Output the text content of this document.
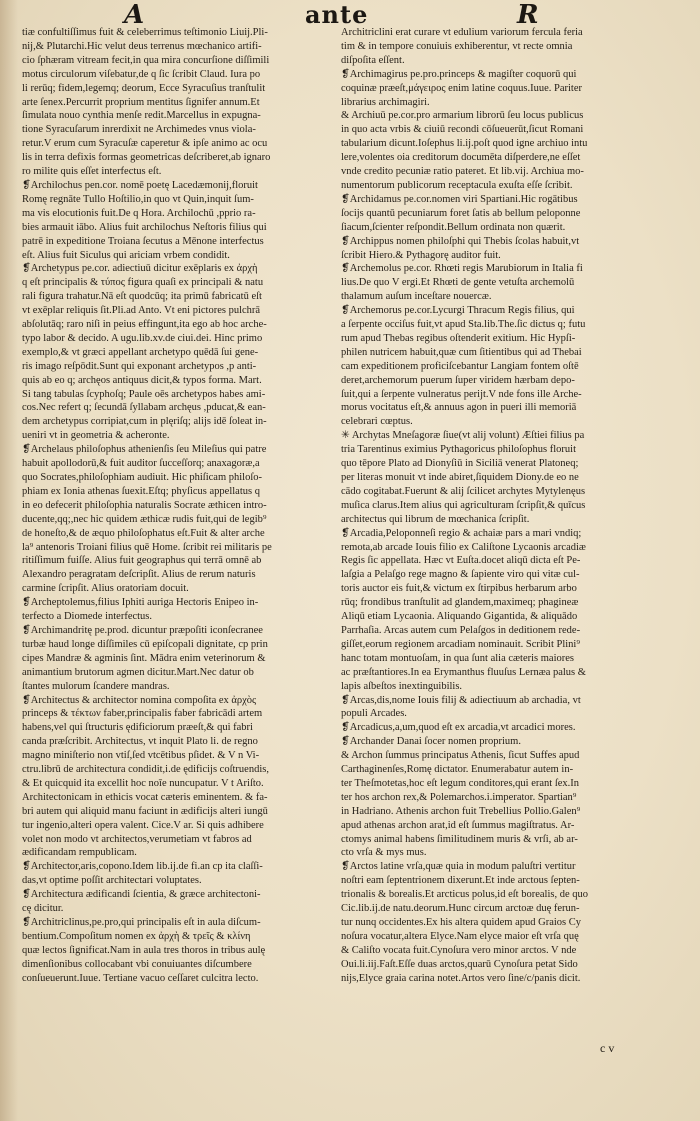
A	ante	R
tiæ confultiſſimus fuit & celeberrimus teſtimonio Liuij.Pli-
nij,& Plutarchi.Hic velut deus terrenus mœchanico artifi-
cio ſphæram vitream fecit,in qua mira concurſione diſſimili
motus circulorum viſebatur,de q ſic ſcribit Claud. Iura po
li rerūq; fidem,legemq; deorum, Ecce Syracuſius tranſtulit
arte ſenex.Percurrit proprium mentitus ſignifer annum.Et
ſimulata nouo cynthia menſe redit.Marcellus in expugna-
tione Syracuſarum inrerdixit ne Archimedes vnus viola-
retur.V erum cum Syracuſæ caperetur & ipſe animo ac ocu
lis in terra defixis formas geometricas deſcriberet,ab ignaro
ro milite quis eſſet interfectus eſt.
❡Archilochus pen.cor. nomē poetę Lacedæmonij,floruit
Romę regnāte Tullo Hoſtilio,in quo vt Quin,inquit ſum-
ma vis elocutionis fuit.De q Hora. Archilochū ,pprio ra-
bies armauit iābo. Alius fuit archilochus Neſtoris filius qui
patrē in expeditione Troiana ſecutus a Mēnone interfectus
eſt. Alius fuit Siculus qui ariciam vrbem condidit.
❡Archetypus pe.cor. adiectiuū dicitur exēplaris ex ἀρχὴ
q eſt principalis & τύπος figura quaſi ex principali & natu
rali figura trahatur.Nā eſt quodcūq; ita primū fabricatū eſt
vt exēplar reliquis ſit.Pli.ad Anto. Vt eni pictores pulchrā
abſolutāq; raro niſi in peius effingunt,ita ego ab hoc arche-
typo labor & decido. A ugu.lib.xv.de ciui.dei. Hinc primo
exemplo,& vt græci appellant archetypo quēdā ſui gene-
ris imago reſpōdit.Sunt qui exponant archetypos ,p anti-
quis ab eo q; archęos antiquus dicit,& typos forma. Mart.
Si tang tabulas ſcyphoſq; Paule oēs archetypos habes ami-
cos.Nec refert q; ſecundā ſyllabam archęus ,pducat,& ean-
dem archetypus corripiat,cum in plęriſq; alijs idē ſoleat in-
ueniri vt in geometria & acheronte.
❡Archelaus philoſophus athenienſis ſeu Mileſius qui patre
habuit apollodorū,& fuit auditor ſucceſſorq; anaxagoræ,a
quo Socrates,philoſophiam audiuit. Hic phiſicam philoſo-
phiam ex Ionia athenas ſuexit.Eſtq; phyſicus appellatus q
in eo defecerit philoſophia naturalis Socrate æthicen intro-
ducente,qq;,nec hic quidem æthicæ rudis fuit,qui de legib⁹
de honeſto,& de æquo philoſophatus eſt.Fuit & alter arche
la⁹ antenoris Troiani filius quē Home. ſcribit rei militaris pe
ritiſſimum fuiſſe. Alius fuit geographus qui terrā omnē ab
Alexandro peragratam deſcripſit. Alius de rerum naturis
carmine ſcripſit. Alius oratoriam docuit.
❡Archeptolemus,filius Iphiti auriga Hectoris Enipeo in-
terfecto a Diomede interfectus.
❡Archimandritę pe.prod. dicuntur præpoſiti iconſecranee
turbæ haud longe diſſimiles cū epiſcopali dignitate, cp prin
cipes Mandræ & agminis ſint. Mādra enim veterinorum &
animantium brutorum agmen dicitur.Mart.Nec datur ob
ſtantes mulorum ſcandere mandras.
❡Architectus & architector nomina compoſita ex ἀρχὸς
princeps & τέκτων faber,principalis faber fabricādi artem
habens,vel qui ſtructuris ędificiorum præeſt,& qui fabri
canda præſcribit. Architectus, vt inquit Plato li. de regno
magno miniſterio non vtiſ,ſed vtcētibus pſidet. & V n Vi-
ctru.librū de architectura condidit,i.de ędificijs coſtruendis,
& Et quicquid ita excellit hoc noīe nuncupatur. V t Ariſto.
Architectonicam in ethicis vocat cæteris eminentem. & fa-
bri autem qui aliquid manu faciunt in ædificijs alteri iungū
tur ingenio,alteri opera valent. Cice.V ar. Si quis adhibere
volet non modo vt architectos,verumetiam vt fabros ad
ædificandam rempublicam.
❡Architector,aris,copono.Idem lib.ij.de fi.an cp ita claſſi-
das,vt optime poſſit architectari voluptates.
❡Architectura ædificandi ſcientia, & græce architectoni-
cę dicitur.
❡Architriclinus,pe.pro,qui principalis eſt in aula diſcum-
bentium.Compoſitum nomen ex ἀρχὴ & τρεῖς & κλίνη
quæ lectos ſignificat.Nam in aula tres thoros in tribus aulę
dimenſionibus collocabant vbi conuiuantes diſcumbere
conſueuerunt.Iuue. Tertiane vacuo ceſſaret culcitra lecto.
Architriclini erat curare vt edulium variorum fercula feria
tim & in tempore conuiuis exhiberentur, vt recte omnia
diſpoſita eſſent.
❡Archimagirus pe.pro.princeps & magiſter coquorū qui
coquinæ præeſt,μάγειρος enim latine coquus.Iuue. Pariter
librarius archimagiri.
& Archiuū pe.cor.pro armarium librorū ſeu locus publicus
in quo acta vrbis & ciuiū recondi cōſueuerūt,ſicut Romani
tabularium dicunt.Ioſephus li.ij.poſt quod igne archiuo intu
lere,volentes oia creditorum documēta diſperdere,ne eſſet
vnde credito pecuniæ ratio pateret. Et lib.vij. Archiua mo-
numentorum publicorum receptacula exuſta eſſe ſcribit.
❡Archidamus pe.cor.nomen viri Spartiani.Hic rogātibus
ſocijs quantū pecuniarum foret ſatis ab bellum peloponne
ſiacum,ſcienter reſpondit.Bellum ordinata non quærit.
❡Archippus nomen philoſphi qui Thebis ſcolas habuit,vt
ſcribit Hiero.& Pythagorę auditor fuit.
❡Archemolus pe.cor. Rhœti regis Marubiorum in Italia fi
lius.De quo V ergi.Et Rhœti de gente vetuſta archemolū
thalamum auſum inceſtare nouercæ.
❡Archemorus pe.cor.Lycurgi Thracum Regis filius, qui
a ſerpente occiſus fuit,vt apud Sta.lib.The.ſic dictus q; futu
rum apud Thebas regibus oſtenderit exitium. Hic Hypſi-
philen nutricem habuit,quæ cum ſitientibus qui ad Thebai
cam expeditionem proficiſcebantur Langiam fontem oſtē
deret,archemorum puerum ſuper viridem hærbam depo-
ſuit,qui a ſerpente vulneratus perijt.V nde fons ille Arche-
morus vocitatus eſt,& annuus agon in pueri illi memoriā
celebrari cœptus.
✳ Archytas Mneſagoræ ſiue(vt alij volunt) Æſtiei filius pa
tria Tarentinus eximius Pythagoricus philoſophus floruit
quo tēpore Plato ad Dionyſiū in Siciliā venerat Platoneq;
per literas monuit vt inde abiret,ſiquidem Diony.de eo ne
cādo cogitabat.Fuerunt & alij ſcilicet archytes Mytylenęus
muſica clarus.Item alius qui agriculturam ſcripſit,& quīcus
architectus qui librum de mœchanica ſcripſit.
❡Arcadia,Peloponneſi regio & achaiæ pars a mari vndiq;
remota,ab arcade Iouis filio ex Caliſtone Lycaonis arcadiæ
Regis ſic appellata. Hæc vt Euſta.docet aliqū dicta eſt Pe-
laſgia a Pelaſgo rege magno & ſapiente viro qui vitæ cul-
toris auctor eis fuit,& victum ex ſtirpibus herbarum arbo
rūq; frondibus tranſtulit ad glandem,maximeq; phagineæ
Aliqū etiam Lycaonia. Aliquando Gigantida, & aliquādo
Parrhaſia. Arcas autem cum Pelaſgos in deditionem rede-
giſſet,eorum regionem arcadiam nominauit. Scribit Plini⁹
hanc totam montuoſam, in qua ſunt alia cæteris maiores
ac præſtantiores.In ea Erymanthus fluuſus Lernæa palus &
lapis aſbeſtos inextinguibilis.
❡Arcas,dis,nome Iouis filij & adiectiuum ab archadia, vt
populi Arcades.
❡Arcadicus,a,um,quod eſt ex arcadia,vt arcadici mores.
❡Archander Danai ſocer nomen proprium.
& Archon ſummus principatus Athenis, ſicut Suffes apud
Carthaginenſes,Romę dictator. Enumerabatur autem in-
ter Theſmotetas,hoc eſt legum conditores,qui erant ſex.In
ter hos archon rex,& Polemarchos.i.imperator. Spartian⁹
in Hadriano. Athenis archon fuit Trebellius Pollio.Galen⁹
apud athenas archon arat,id eſt ſummus magiſtratus. Ar-
ctomys animal habens ſimilitudinem muris & vrſi, ab ar-
cto vrſa & mys mus.
❡Arctos latine vrſa,quæ quia in modum paluſtri vertitur
noſtri eam ſeptentrionem dixerunt.Et inde arctous ſepten-
trionalis & borealis.Et arcticus polus,id eſt borealis, de quo
Cic.lib.ij.de natu.deorum.Hunc circum arctoæ duę ferun-
tur nunq occidentes.Ex his altera quidem apud Graios Cy
noſura vocatur,altera Elyce.Nam elyce maior eſt vrſa quę
& Caliſto vocata fuit.Cynoſura vero minor arctos. V nde
Oui.li.iij.Faſt.Eſſe duas arctos,quarū Cynoſura petat Sido
nijs,Elyce graia carina notet.Artos vero ſine/c/panis dicit.
c v
